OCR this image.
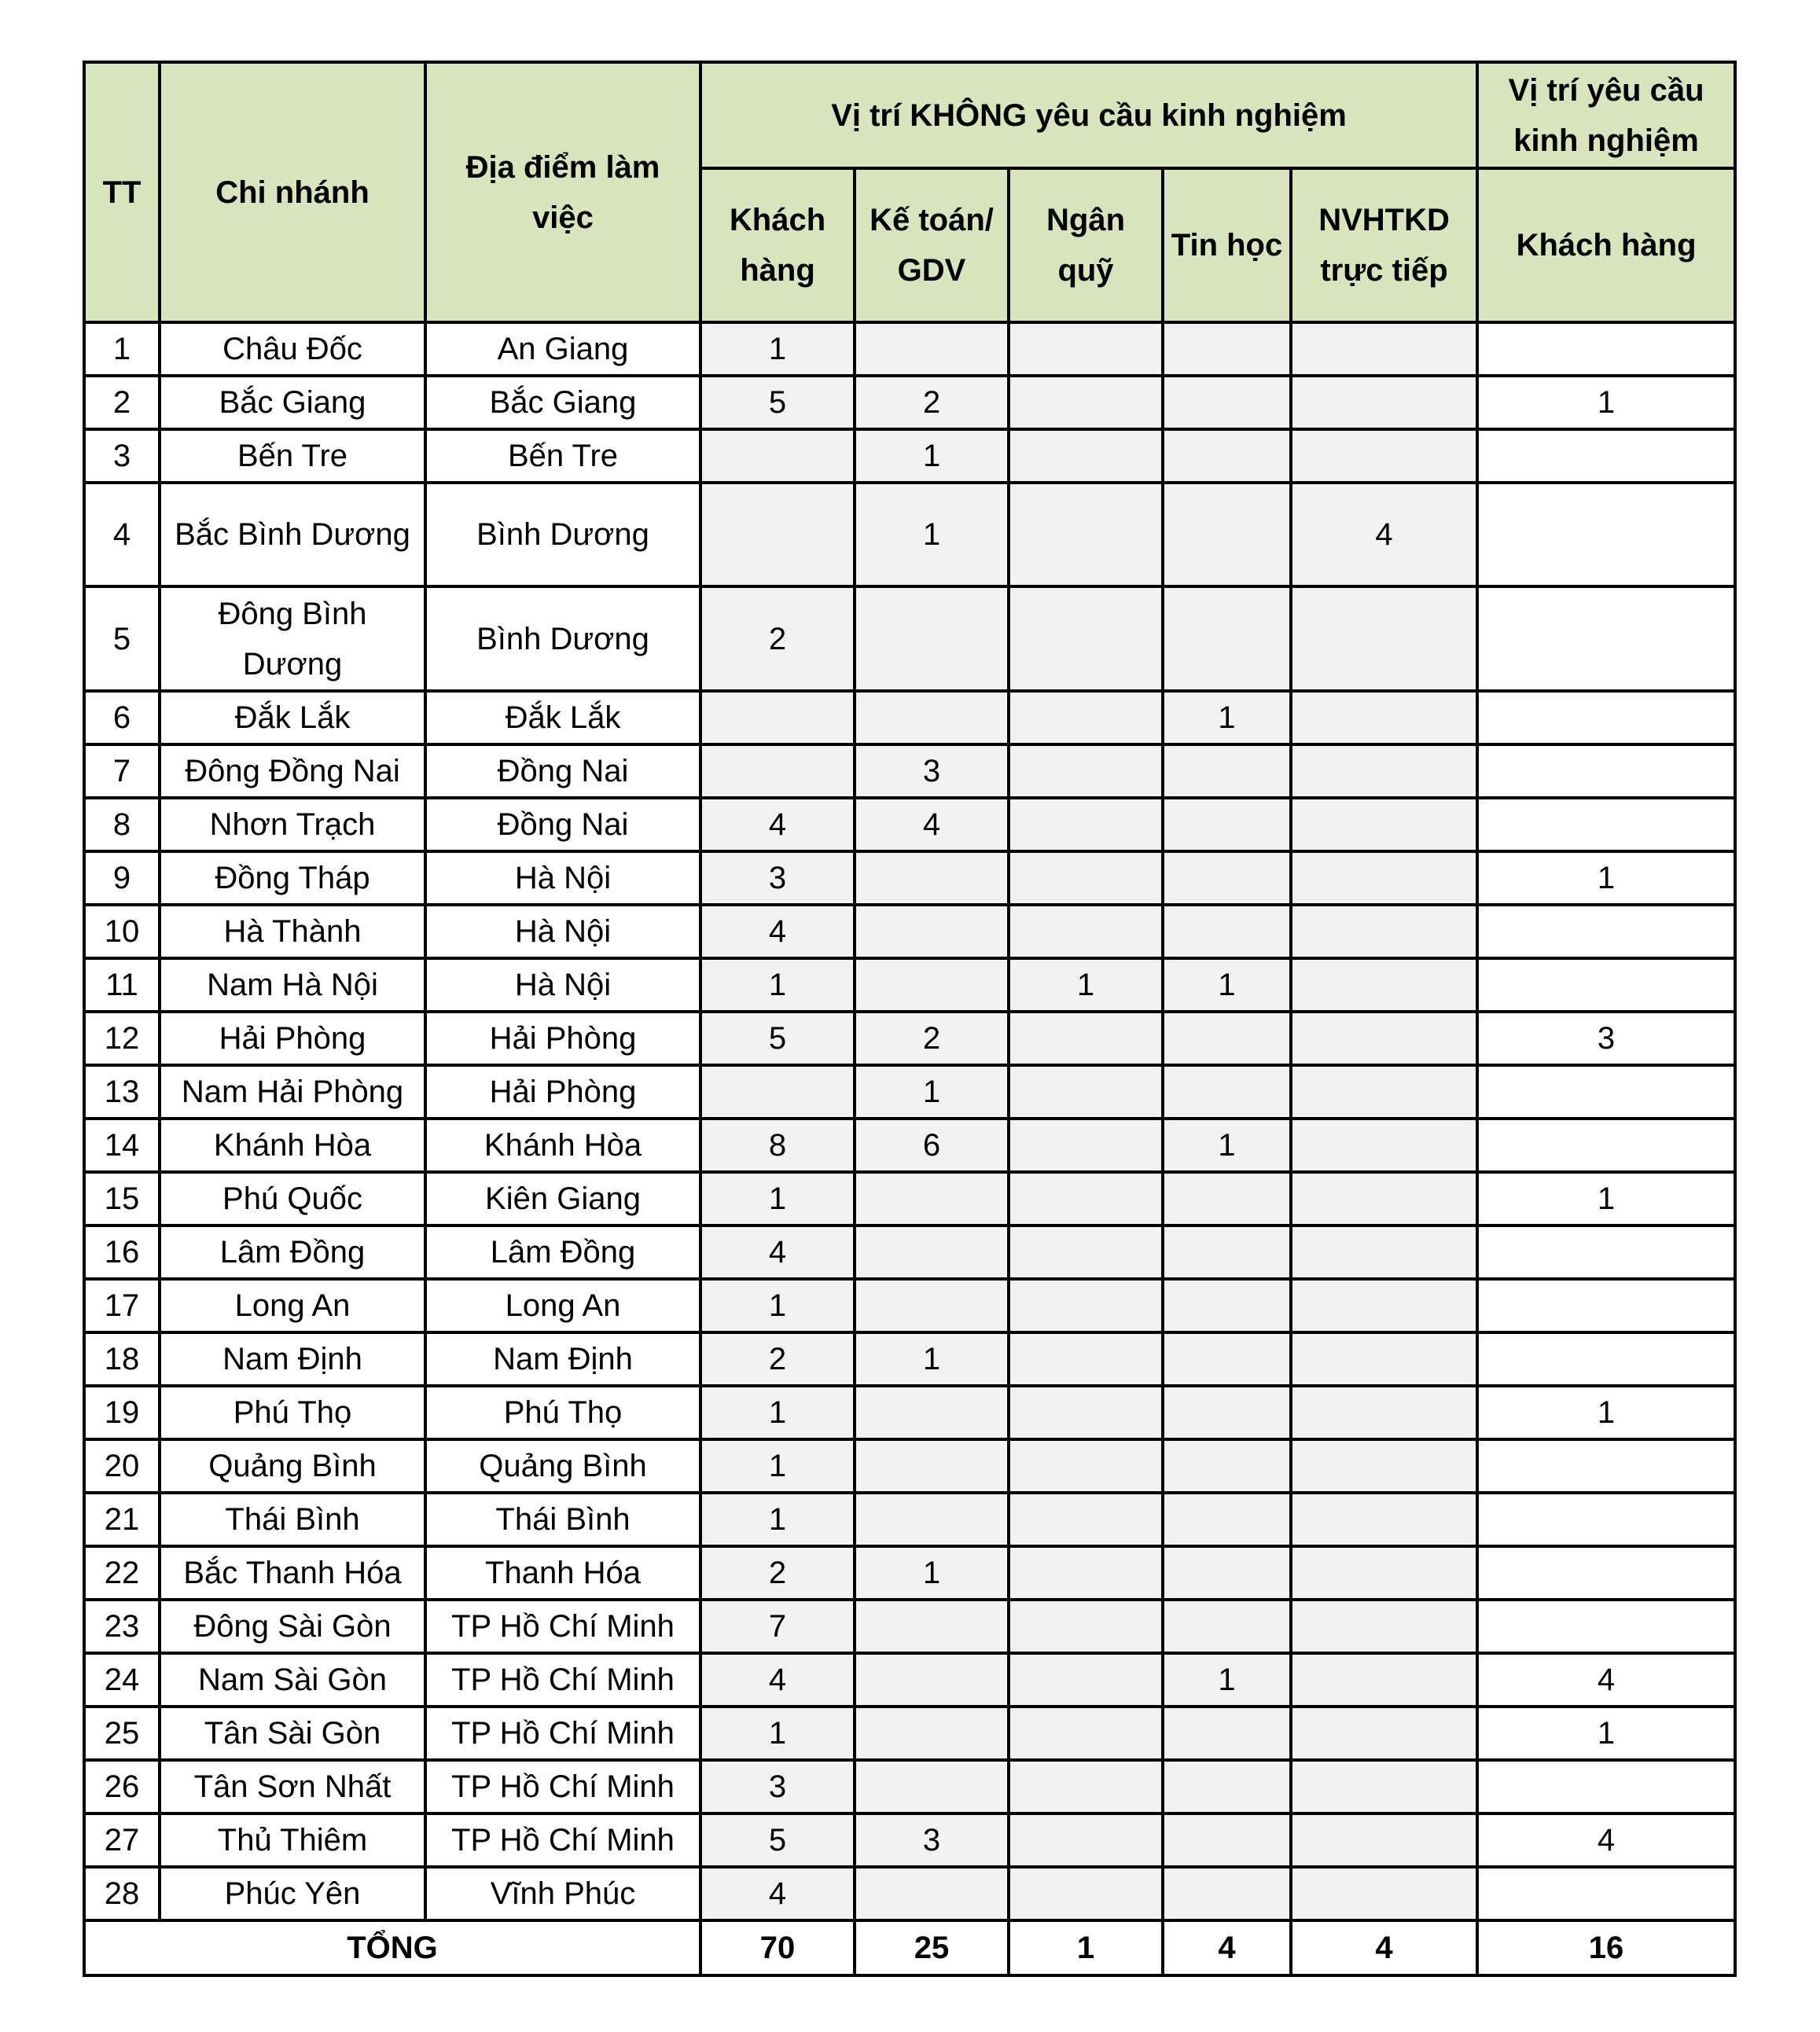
TT	Chi nhánh	Địa điểm làm việc	Vị trí KHÔNG yêu cầu kinh nghiệm					Vị trí yêu cầu kinh nghiệm
			Khách hàng	Kế toán/ GDV	Ngân quỹ	Tin học	NVHTKD trực tiếp	Khách hàng
1	Châu Đốc	An Giang	1					
2	Bắc Giang	Bắc Giang	5	2				1
3	Bến Tre	Bến Tre		1				
4	Bắc Bình Dương	Bình Dương		1			4	
5	Đông Bình Dương	Bình Dương	2					
6	Đắk Lắk	Đắk Lắk				1		
7	Đông Đồng Nai	Đồng Nai		3				
8	Nhơn Trạch	Đồng Nai	4	4				
9	Đồng Tháp	Hà Nội	3					1
10	Hà Thành	Hà Nội	4					
11	Nam Hà Nội	Hà Nội	1		1	1		
12	Hải Phòng	Hải Phòng	5	2				3
13	Nam Hải Phòng	Hải Phòng		1				
14	Khánh Hòa	Khánh Hòa	8	6		1		
15	Phú Quốc	Kiên Giang	1					1
16	Lâm Đồng	Lâm Đồng	4					
17	Long An	Long An	1					
18	Nam Định	Nam Định	2	1				
19	Phú Thọ	Phú Thọ	1					1
20	Quảng Bình	Quảng Bình	1					
21	Thái Bình	Thái Bình	1					
22	Bắc Thanh Hóa	Thanh Hóa	2	1				
23	Đông Sài Gòn	TP Hồ Chí Minh	7					
24	Nam Sài Gòn	TP Hồ Chí Minh	4			1		4
25	Tân Sài Gòn	TP Hồ Chí Minh	1					1
26	Tân Sơn Nhất	TP Hồ Chí Minh	3					
27	Thủ Thiêm	TP Hồ Chí Minh	5	3				4
28	Phúc Yên	Vĩnh Phúc	4					
TỔNG			70	25	1	4	4	16
